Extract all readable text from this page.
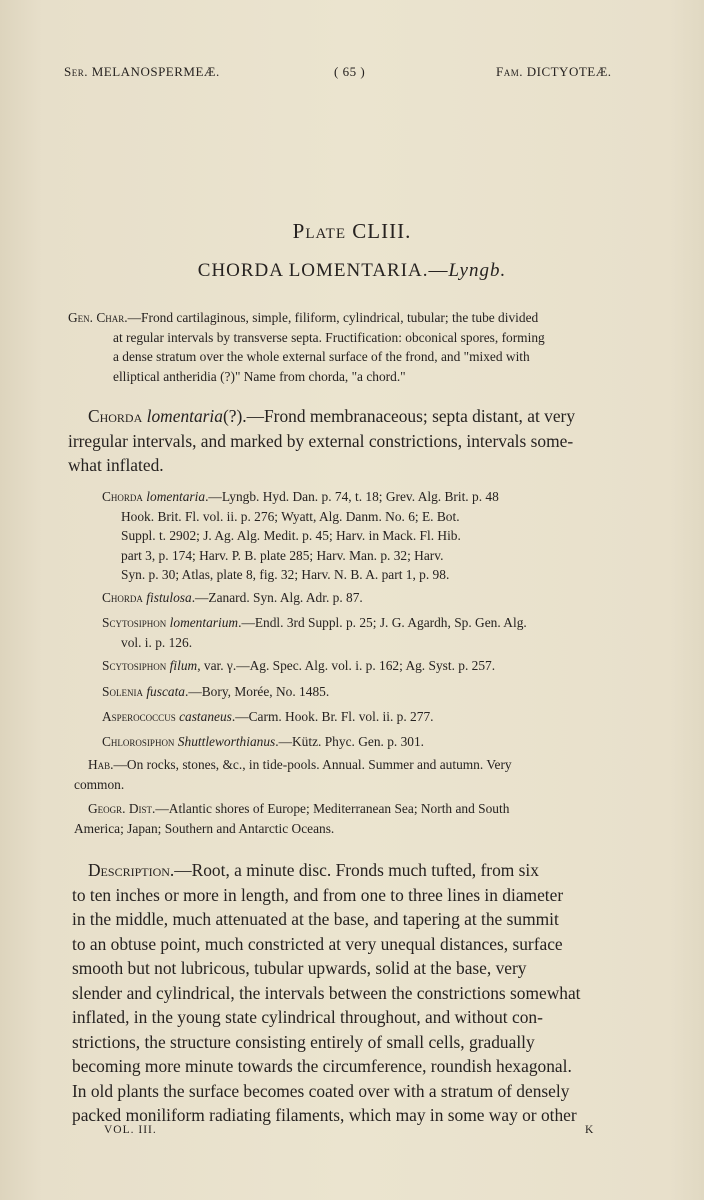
Ser. MELANOSPERMEÆ.	( 65 )	Fam. DICTYOTEÆ.
Plate CLIII.
CHORDA LOMENTARIA.—Lyngb.
Gen. Char.—Frond cartilaginous, simple, filiform, cylindrical, tubular; the tube divided
at regular intervals by transverse septa. Fructification: obconical spores, forming
a dense stratum over the whole external surface of the frond, and "mixed with
elliptical antheridia (?)" Name from chorda, "a chord."
Chorda lomentaria(?).—Frond membranaceous; septa distant, at very
irregular intervals, and marked by external constrictions, intervals some-
what inflated.
Chorda lomentaria.—Lyngb. Hyd. Dan. p. 74, t. 18; Grev. Alg. Brit. p. 48
Hook. Brit. Fl. vol. ii. p. 276; Wyatt, Alg. Danm. No. 6; E. Bot.
Suppl. t. 2902; J. Ag. Alg. Medit. p. 45; Harv. in Mack. Fl. Hib.
part 3, p. 174; Harv. P. B. plate 285; Harv. Man. p. 32; Harv.
Syn. p. 30; Atlas, plate 8, fig. 32; Harv. N. B. A. part 1, p. 98.
Chorda fistulosa.—Zanard. Syn. Alg. Adr. p. 87.
Scytosiphon lomentarium.—Endl. 3rd Suppl. p. 25; J. G. Agardh, Sp. Gen. Alg.
vol. i. p. 126.
Scytosiphon filum, var. γ.—Ag. Spec. Alg. vol. i. p. 162; Ag. Syst. p. 257.
Solenia fuscata.—Bory, Morée, No. 1485.
Asperococcus castaneus.—Carm. Hook. Br. Fl. vol. ii. p. 277.
Chlorosiphon Shuttleworthianus.—Kütz. Phyc. Gen. p. 301.
Hab.—On rocks, stones, &c., in tide-pools. Annual. Summer and autumn. Very
common.
Geogr. Dist.—Atlantic shores of Europe; Mediterranean Sea; North and South
America; Japan; Southern and Antarctic Oceans.
Description.—Root, a minute disc. Fronds much tufted, from six
to ten inches or more in length, and from one to three lines in diameter
in the middle, much attenuated at the base, and tapering at the summit
to an obtuse point, much constricted at very unequal distances, surface
smooth but not lubricous, tubular upwards, solid at the base, very
slender and cylindrical, the intervals between the constrictions somewhat
inflated, in the young state cylindrical throughout, and without con-
strictions, the structure consisting entirely of small cells, gradually
becoming more minute towards the circumference, roundish hexagonal.
In old plants the surface becomes coated over with a stratum of densely
packed moniliform radiating filaments, which may in some way or other
VOL. III.	K
